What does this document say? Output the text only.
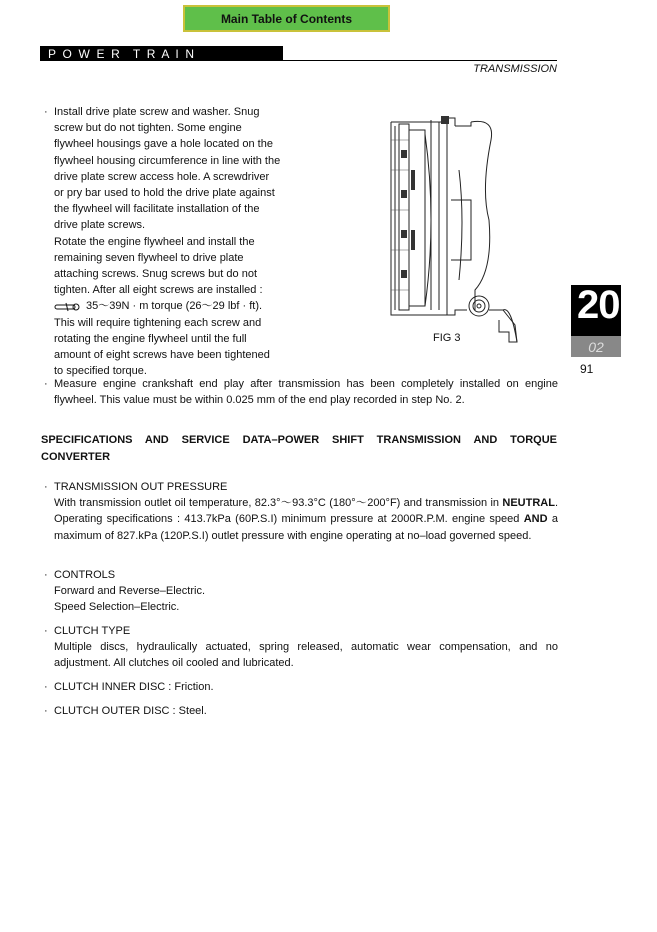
Main Table of Contents
P  O  W  E  R    T  R  A  I  N
TRANSMISSION

· Install drive plate screw and washer. Snug

screw but do not tighten. Some engine

flywheel housings gave a hole located on the

flywheel housing circumference in line with the

drive plate screw access hole. A screwdriver

or pry bar used to hold the drive plate against

the flywheel will facilitate installation of the

drive plate screws.

Rotate the engine flywheel and install the

remaining seven flywheel to drive plate

attaching screws. Snug screws but do not

tighten. After all eight screws are installed :

35～39N · m torque (26～29 lbf · ft).

This will require tightening each screw and

rotating the engine flywheel until the full

amount of eight screws have been tightened

to specified torque.

FIG 3
20
02
91

· Measure engine crankshaft end play after transmission has been completely installed on engine flywheel. This value must be within 0.025 mm of the end play recorded in step No. 2.

SPECIFICATIONS AND SERVICE DATA–POWER SHIFT TRANSMISSION AND TORQUE CONVERTER
· TRANSMISSION OUT PRESSURE
With transmission outlet oil temperature, 82.3°～93.3°C (180°～200°F) and transmission in NEUTRAL. Operating specifications : 413.7kPa (60P.S.I) minimum pressure at 2000R.P.M. engine speed AND a maximum of 827.kPa (120P.S.I) outlet pressure with engine operating at no–load governed speed.
· CONTROLS
Forward and Reverse–Electric.
Speed Selection–Electric.
· CLUTCH TYPE
Multiple discs, hydraulically actuated, spring released, automatic wear compensation, and no adjustment. All clutches oil cooled and lubricated.
· CLUTCH INNER DISC : Friction.
· CLUTCH OUTER DISC : Steel.
